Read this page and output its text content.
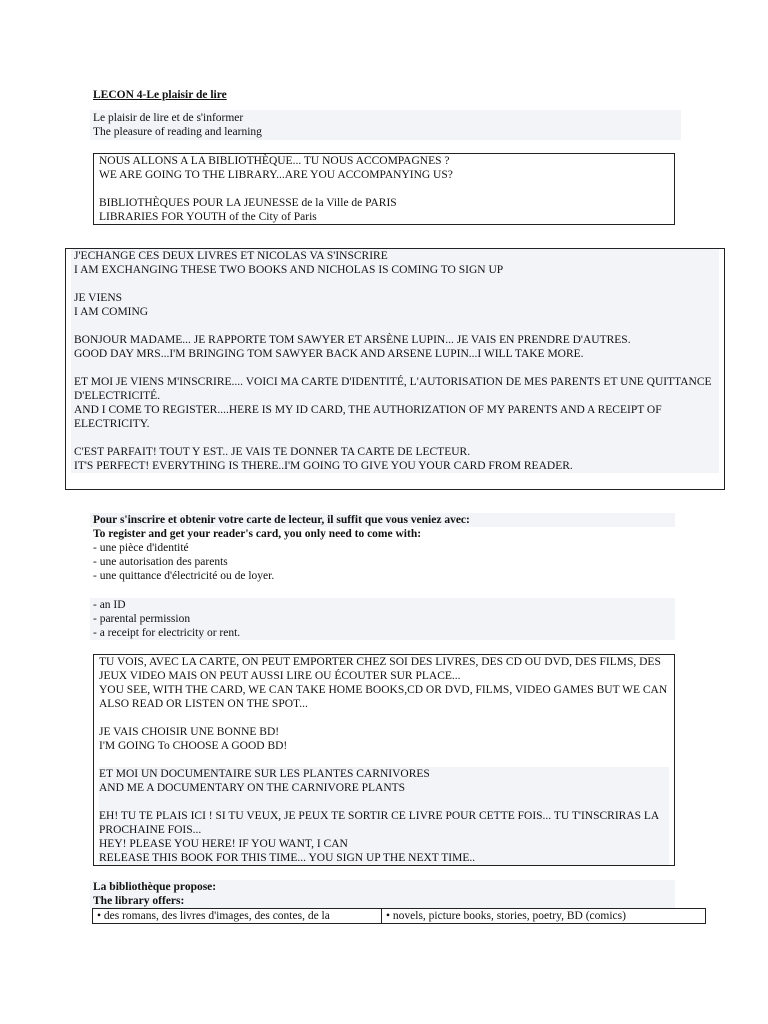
LECON 4-Le plaisir de lire
Le plaisir de lire et de s'informer
The pleasure of reading and learning

NOUS ALLONS A LA BIBLIOTHÈQUE... TU NOUS ACCOMPAGNES ?

WE ARE GOING TO THE LIBRARY...ARE YOU ACCOMPANYING US?

BIBLIOTHÈQUES POUR LA JEUNESSE de la Ville de PARIS

LIBRARIES FOR YOUTH of the City of Paris

J'ECHANGE CES DEUX LIVRES ET NICOLAS VA S'INSCRIRE

I AM EXCHANGING THESE TWO BOOKS AND NICHOLAS IS COMING TO SIGN UP

JE VIENS

I AM COMING

BONJOUR MADAME... JE RAPPORTE TOM SAWYER ET ARSÈNE LUPIN... JE VAIS EN PRENDRE D'AUTRES.

GOOD DAY MRS...I'M BRINGING TOM SAWYER BACK AND ARSENE LUPIN...I WILL TAKE MORE.

ET MOI JE VIENS M'INSCRIRE.... VOICI MA CARTE D'IDENTITÉ, L'AUTORISATION DE MES PARENTS ET UNE QUITTANCE D'ELECTRICITÉ.

AND I COME TO REGISTER....HERE IS MY ID CARD, THE AUTHORIZATION OF MY PARENTS AND A RECEIPT OF ELECTRICITY.

C'EST PARFAIT! TOUT Y EST.. JE VAIS TE DONNER TA CARTE DE LECTEUR.

IT'S PERFECT! EVERYTHING IS THERE..I'M GOING TO GIVE YOU YOUR CARD FROM READER.

Pour s'inscrire et obtenir votre carte de lecteur, il suffit que vous veniez avec:
To register and get your reader's card, you only need to come with:
- une pièce d'identité
- une autorisation des parents
- une quittance d'électricité ou de loyer.
- an ID
- parental permission
- a receipt for electricity or rent.

TU VOIS, AVEC LA CARTE, ON PEUT EMPORTER CHEZ SOI DES LIVRES, DES CD OU DVD, DES FILMS, DES JEUX VIDEO MAIS ON PEUT AUSSI LIRE OU ÉCOUTER SUR PLACE...

YOU SEE, WITH THE CARD, WE CAN TAKE HOME BOOKS,CD OR DVD, FILMS, VIDEO GAMES BUT WE CAN ALSO READ OR LISTEN ON THE SPOT...

JE VAIS CHOISIR UNE BONNE BD!

I'M GOING To CHOOSE A GOOD BD!

ET MOI UN DOCUMENTAIRE SUR LES PLANTES CARNIVORES

AND ME A DOCUMENTARY ON THE CARNIVORE PLANTS

EH! TU TE PLAIS ICI ! SI TU VEUX, JE PEUX TE SORTIR CE LIVRE POUR CETTE FOIS... TU T'INSCRIRAS LA PROCHAINE FOIS...

HEY! PLEASE YOU HERE! IF YOU WANT, I CAN

RELEASE THIS BOOK FOR THIS TIME... YOU SIGN UP THE NEXT TIME..

La bibliothèque propose:
The library offers:
• des romans, des livres d'images, des contes, de la	• novels, picture books, stories, poetry, BD (comics)
